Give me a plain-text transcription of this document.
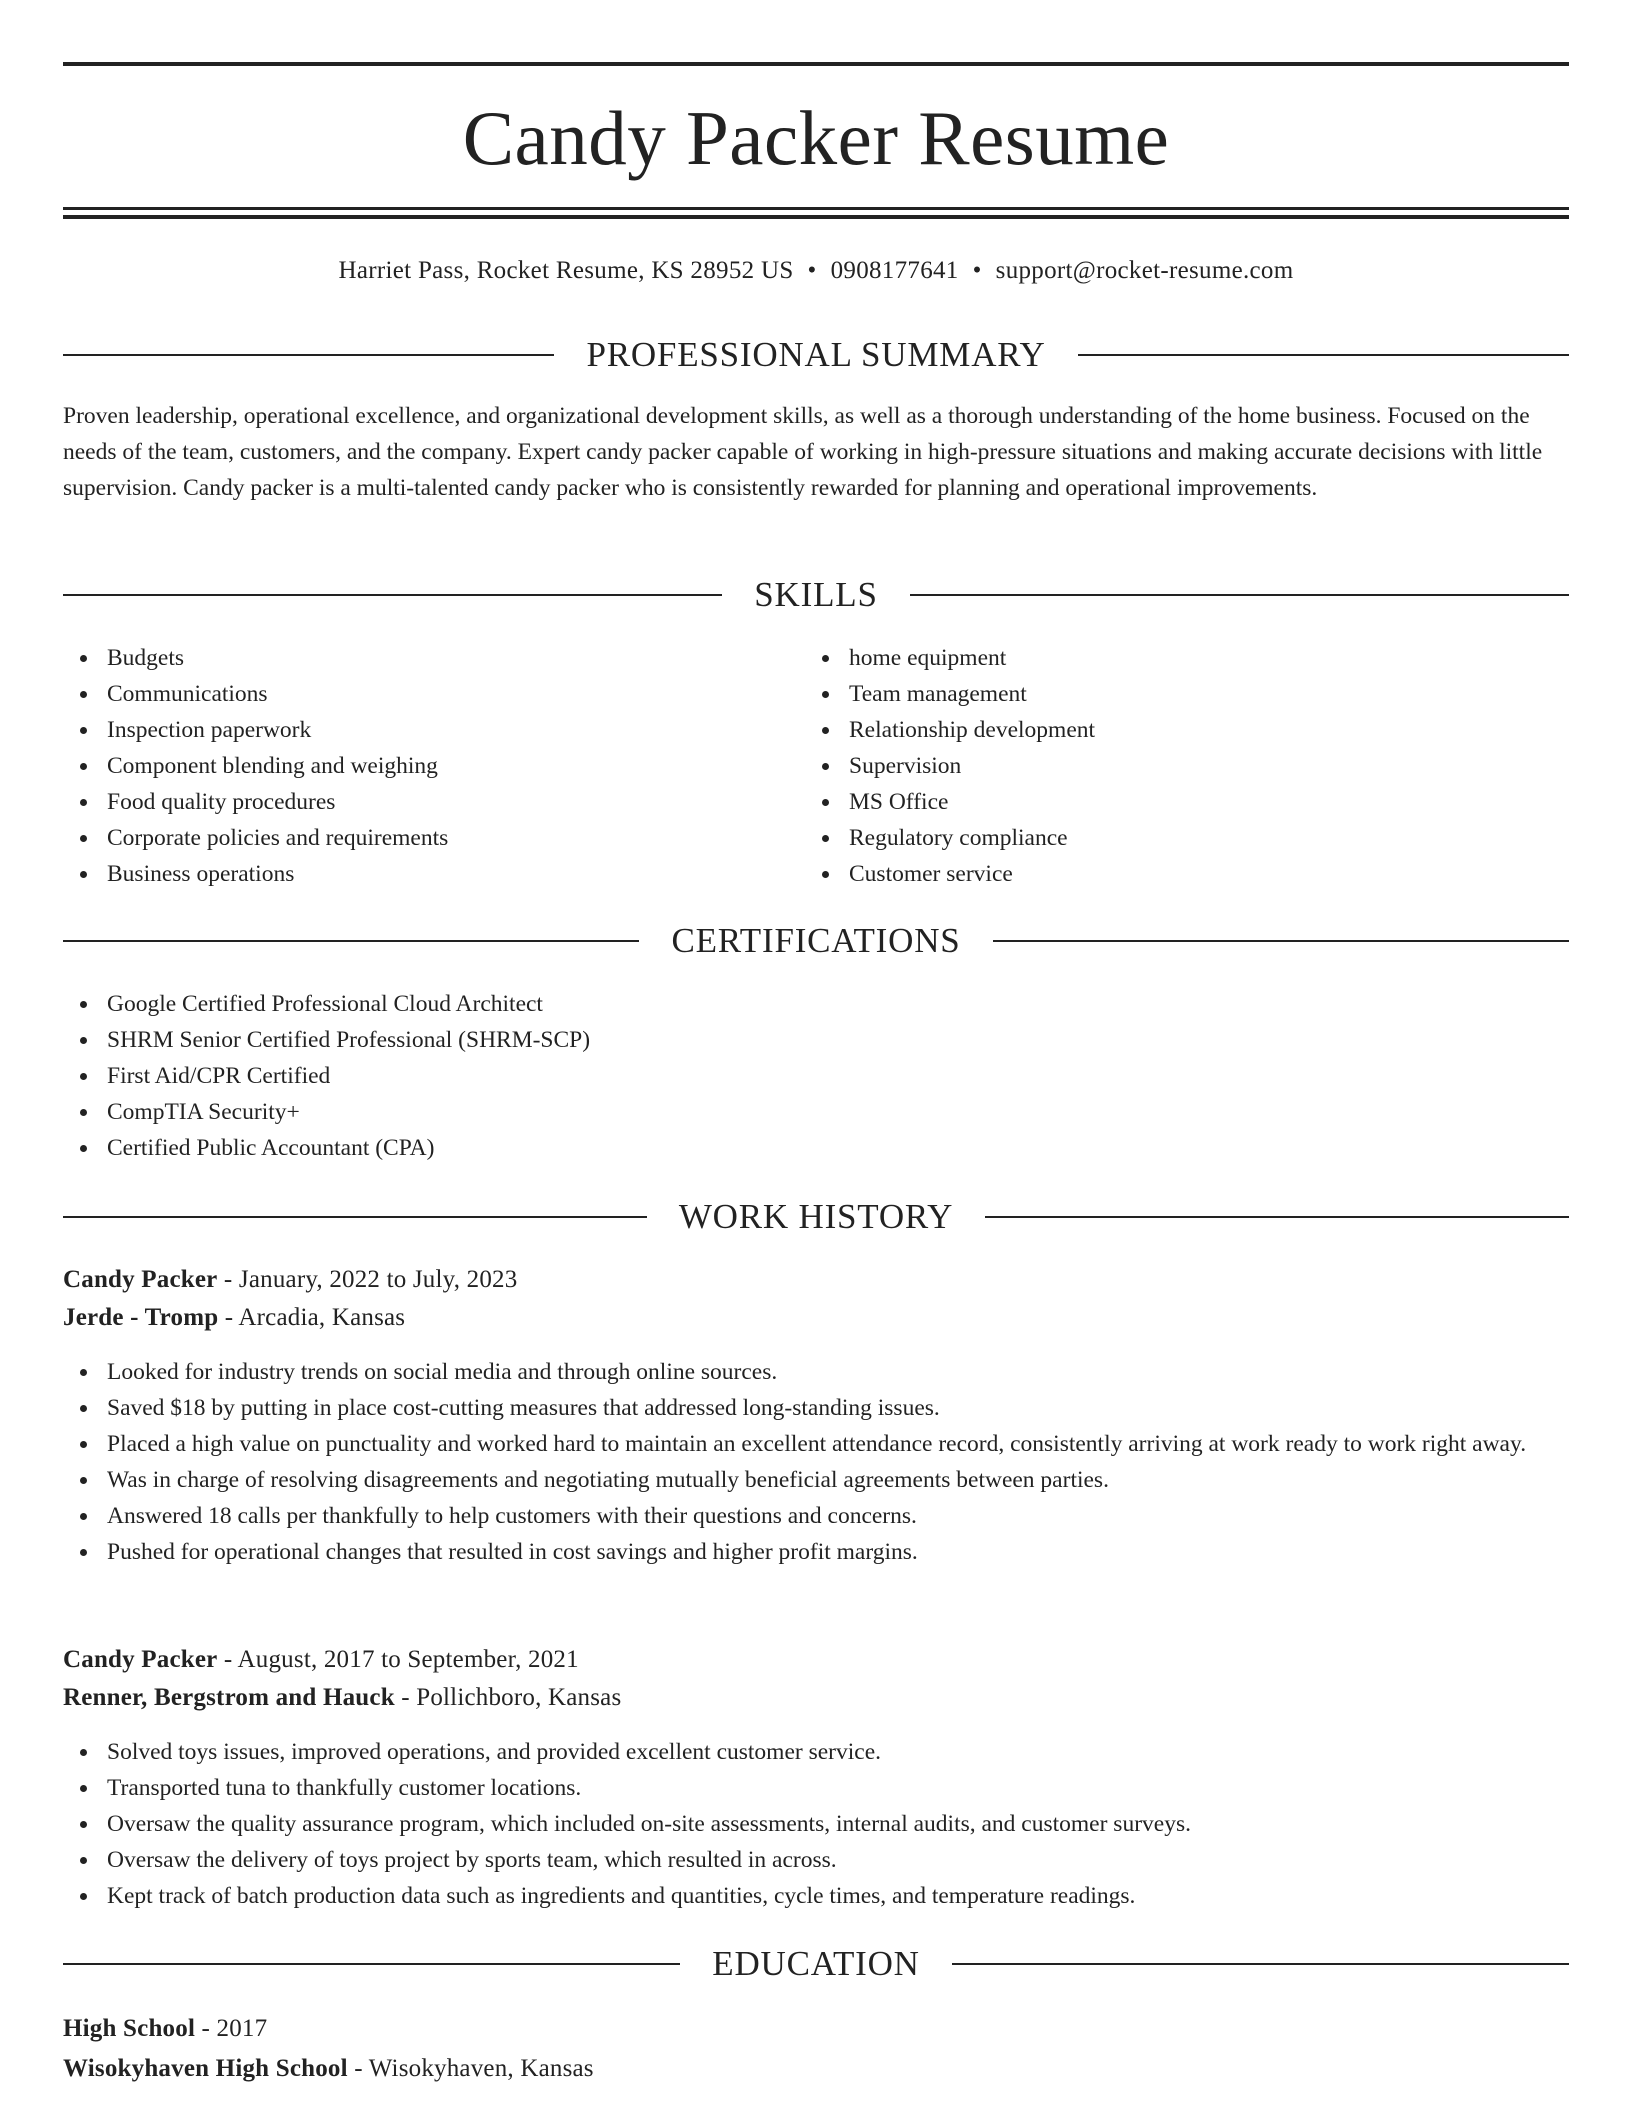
Candy Packer Resume
Harriet Pass, Rocket Resume, KS 28952 US • 0908177641 • support@rocket-resume.com
PROFESSIONAL SUMMARY

Proven leadership, operational excellence, and organizational development skills, as well as a thorough understanding of the home business. Focused on the needs of the team, customers, and the company. Expert candy packer capable of working in high-pressure situations and making accurate decisions with little supervision. Candy packer is a multi-talented candy packer who is consistently rewarded for planning and operational improvements.

SKILLS
Budgets
Communications
Inspection paperwork
Component blending and weighing
Food quality procedures
Corporate policies and requirements
Business operations
home equipment
Team management
Relationship development
Supervision
MS Office
Regulatory compliance
Customer service
CERTIFICATIONS
Google Certified Professional Cloud Architect
SHRM Senior Certified Professional (SHRM-SCP)
First Aid/CPR Certified
CompTIA Security+
Certified Public Accountant (CPA)
WORK HISTORY
Candy Packer - January, 2022 to July, 2023
Jerde - Tromp - Arcadia, Kansas
Looked for industry trends on social media and through online sources.
Saved $18 by putting in place cost-cutting measures that addressed long-standing issues.
Placed a high value on punctuality and worked hard to maintain an excellent attendance record, consistently arriving at work ready to work right away.
Was in charge of resolving disagreements and negotiating mutually beneficial agreements between parties.
Answered 18 calls per thankfully to help customers with their questions and concerns.
Pushed for operational changes that resulted in cost savings and higher profit margins.
Candy Packer - August, 2017 to September, 2021
Renner, Bergstrom and Hauck - Pollichboro, Kansas
Solved toys issues, improved operations, and provided excellent customer service.
Transported tuna to thankfully customer locations.
Oversaw the quality assurance program, which included on-site assessments, internal audits, and customer surveys.
Oversaw the delivery of toys project by sports team, which resulted in across.
Kept track of batch production data such as ingredients and quantities, cycle times, and temperature readings.
EDUCATION
High School - 2017
Wisokyhaven High School - Wisokyhaven, Kansas
